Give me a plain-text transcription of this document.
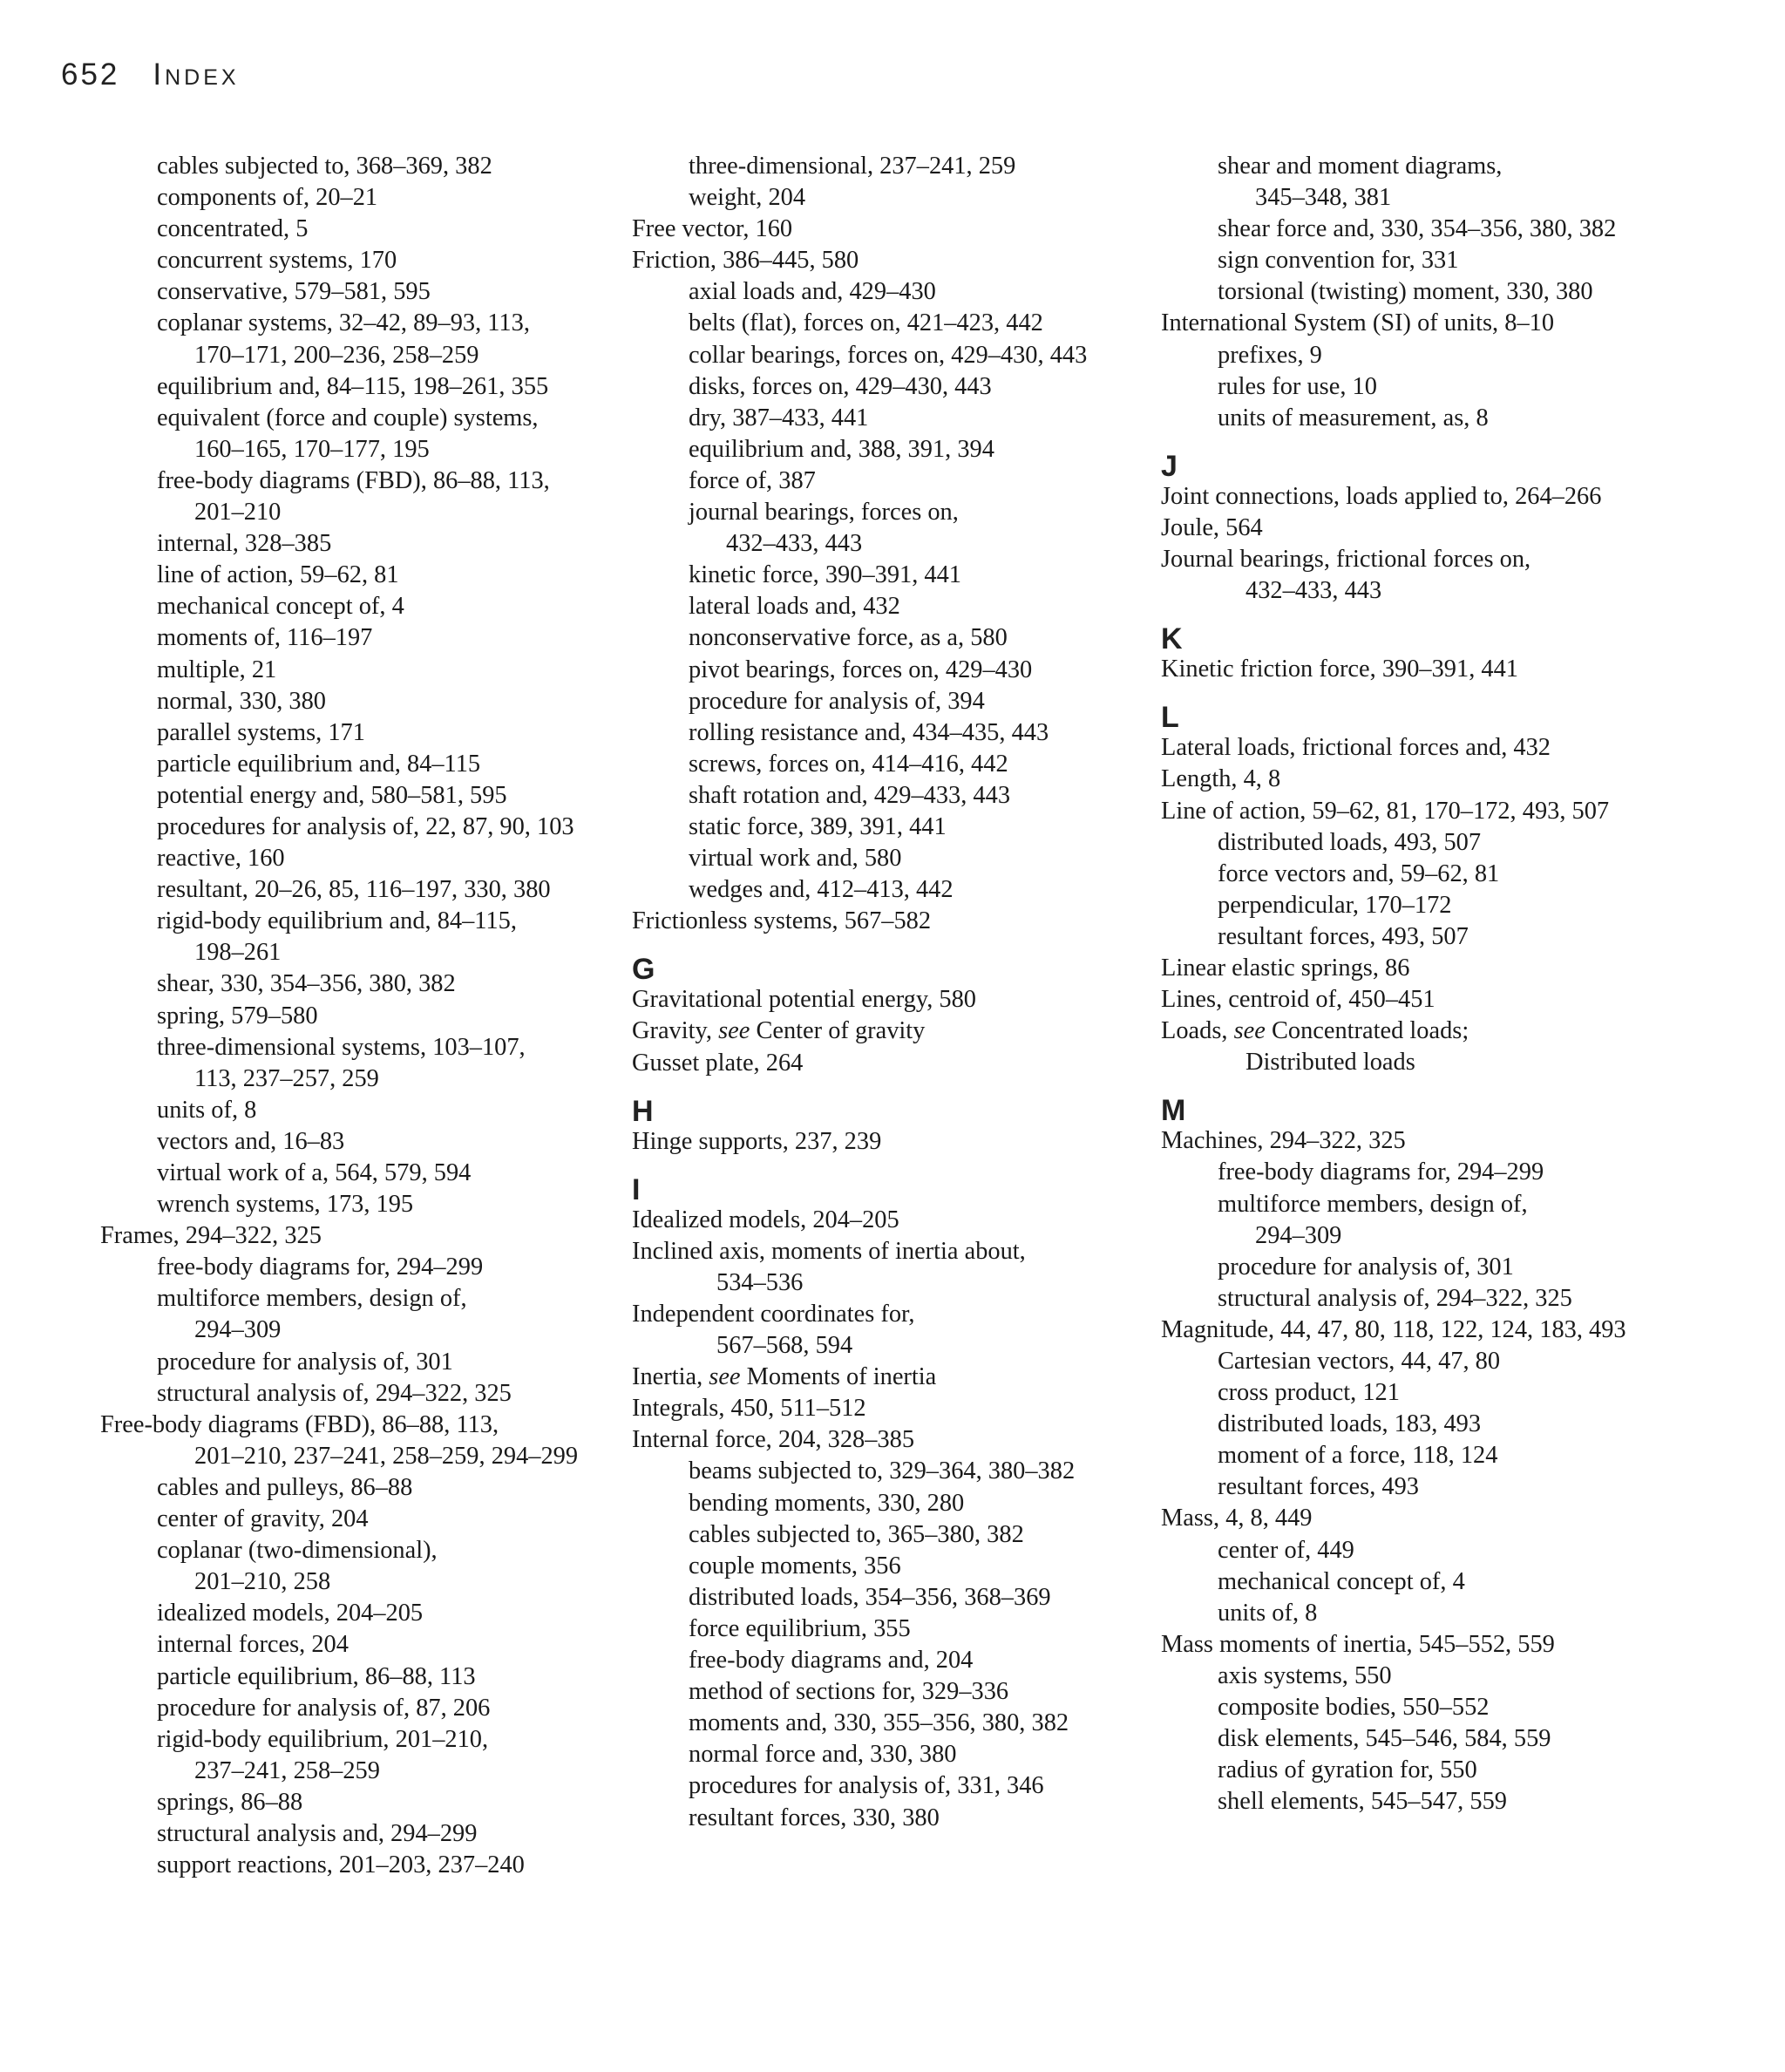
652 Index
cables subjected to, 368–369, 382
components of, 20–21
concentrated, 5
concurrent systems, 170
conservative, 579–581, 595
coplanar systems, 32–42, 89–93, 113,
170–171, 200–236, 258–259
equilibrium and, 84–115, 198–261, 355
equivalent (force and couple) systems,
160–165, 170–177, 195
free-body diagrams (FBD), 86–88, 113,
201–210
internal, 328–385
line of action, 59–62, 81
mechanical concept of, 4
moments of, 116–197
multiple, 21
normal, 330, 380
parallel systems, 171
particle equilibrium and, 84–115
potential energy and, 580–581, 595
procedures for analysis of, 22, 87, 90, 103
reactive, 160
resultant, 20–26, 85, 116–197, 330, 380
rigid-body equilibrium and, 84–115,
198–261
shear, 330, 354–356, 380, 382
spring, 579–580
three-dimensional systems, 103–107,
113, 237–257, 259
units of, 8
vectors and, 16–83
virtual work of a, 564, 579, 594
wrench systems, 173, 195
Frames, 294–322, 325
free-body diagrams for, 294–299
multiforce members, design of,
294–309
procedure for analysis of, 301
structural analysis of, 294–322, 325
Free-body diagrams (FBD), 86–88, 113,
201–210, 237–241, 258–259, 294–299
cables and pulleys, 86–88
center of gravity, 204
coplanar (two-dimensional),
201–210, 258
idealized models, 204–205
internal forces, 204
particle equilibrium, 86–88, 113
procedure for analysis of, 87, 206
rigid-body equilibrium, 201–210,
237–241, 258–259
springs, 86–88
structural analysis and, 294–299
support reactions, 201–203, 237–240
three-dimensional, 237–241, 259
weight, 204
Free vector, 160
Friction, 386–445, 580
axial loads and, 429–430
belts (flat), forces on, 421–423, 442
collar bearings, forces on, 429–430, 443
disks, forces on, 429–430, 443
dry, 387–433, 441
equilibrium and, 388, 391, 394
force of, 387
journal bearings, forces on,
432–433, 443
kinetic force, 390–391, 441
lateral loads and, 432
nonconservative force, as a, 580
pivot bearings, forces on, 429–430
procedure for analysis of, 394
rolling resistance and, 434–435, 443
screws, forces on, 414–416, 442
shaft rotation and, 429–433, 443
static force, 389, 391, 441
virtual work and, 580
wedges and, 412–413, 442
Frictionless systems, 567–582
G
Gravitational potential energy, 580
Gravity, see Center of gravity
Gusset plate, 264
H
Hinge supports, 237, 239
I
Idealized models, 204–205
Inclined axis, moments of inertia about,
534–536
Independent coordinates for,
567–568, 594
Inertia, see Moments of inertia
Integrals, 450, 511–512
Internal force, 204, 328–385
beams subjected to, 329–364, 380–382
bending moments, 330, 280
cables subjected to, 365–380, 382
couple moments, 356
distributed loads, 354–356, 368–369
force equilibrium, 355
free-body diagrams and, 204
method of sections for, 329–336
moments and, 330, 355–356, 380, 382
normal force and, 330, 380
procedures for analysis of, 331, 346
resultant forces, 330, 380
shear and moment diagrams,
345–348, 381
shear force and, 330, 354–356, 380, 382
sign convention for, 331
torsional (twisting) moment, 330, 380
International System (SI) of units, 8–10
prefixes, 9
rules for use, 10
units of measurement, as, 8
J
Joint connections, loads applied to, 264–266
Joule, 564
Journal bearings, frictional forces on,
432–433, 443
K
Kinetic friction force, 390–391, 441
L
Lateral loads, frictional forces and, 432
Length, 4, 8
Line of action, 59–62, 81, 170–172, 493, 507
distributed loads, 493, 507
force vectors and, 59–62, 81
perpendicular, 170–172
resultant forces, 493, 507
Linear elastic springs, 86
Lines, centroid of, 450–451
Loads, see Concentrated loads;
Distributed loads
M
Machines, 294–322, 325
free-body diagrams for, 294–299
multiforce members, design of,
294–309
procedure for analysis of, 301
structural analysis of, 294–322, 325
Magnitude, 44, 47, 80, 118, 122, 124, 183, 493
Cartesian vectors, 44, 47, 80
cross product, 121
distributed loads, 183, 493
moment of a force, 118, 124
resultant forces, 493
Mass, 4, 8, 449
center of, 449
mechanical concept of, 4
units of, 8
Mass moments of inertia, 545–552, 559
axis systems, 550
composite bodies, 550–552
disk elements, 545–546, 584, 559
radius of gyration for, 550
shell elements, 545–547, 559
